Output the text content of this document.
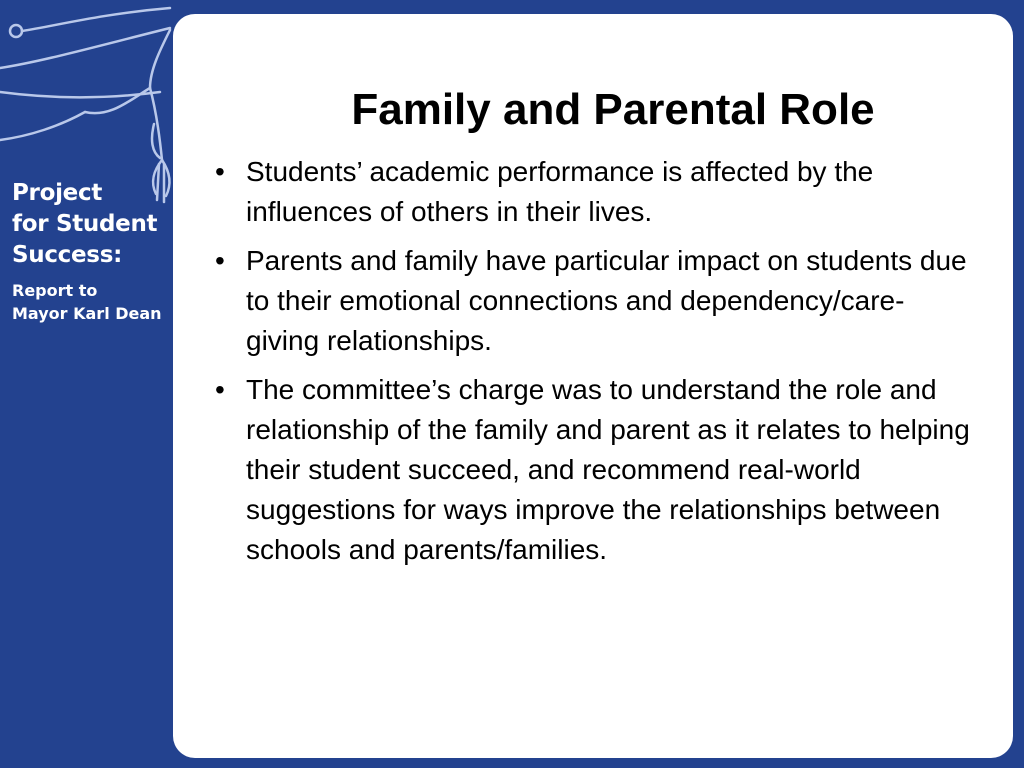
Project
for Student
Success:
Report to
Mayor Karl Dean
Family and Parental Role
• Students’ academic performance is affected by the influences of others in their lives.
• Parents and family have particular impact on students due to their emotional connections and dependency/care-giving relationships.
• The committee’s charge was to understand the role and relationship of the family and parent as it relates to helping their student succeed, and recommend real-world suggestions for ways improve the relationships between schools and parents/families.
